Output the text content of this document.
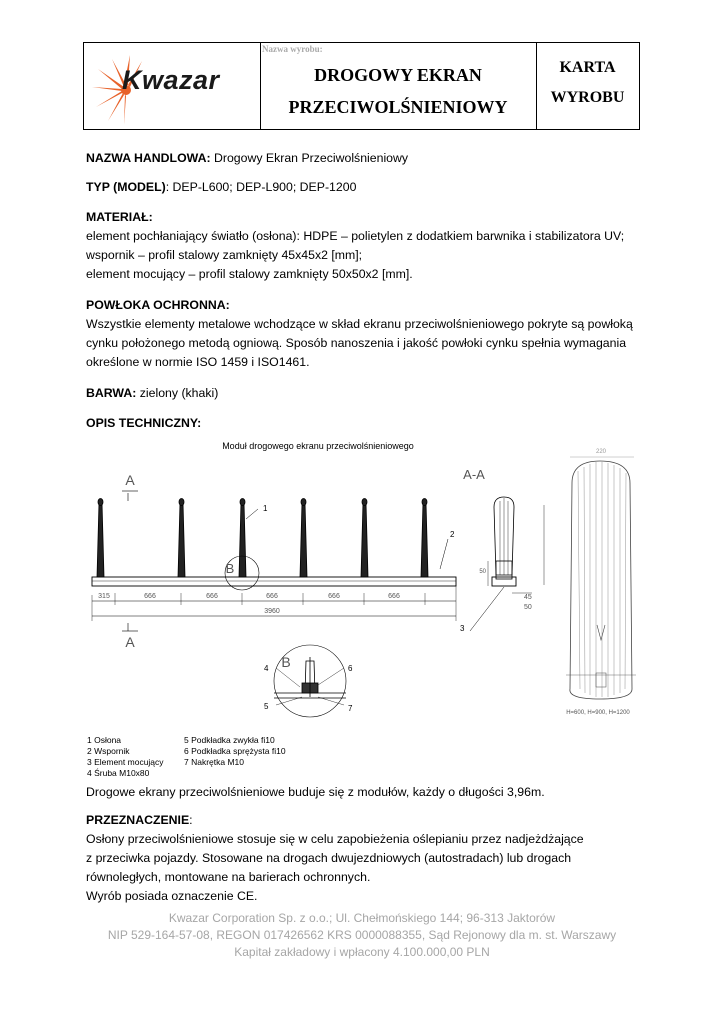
Kwazar
Nazwa wyrobu:
DROGOWY EKRAN
PRZECIWOLŚNIENIOWY
KARTA
WYROBU
NAZWA HANDLOWA: Drogowy Ekran Przeciwolśnieniowy
TYP (MODEL): DEP-L600; DEP-L900; DEP-1200
MATERIAŁ:
element pochłaniający światło (osłona): HDPE – polietylen z dodatkiem barwnika i stabilizatora UV;
wspornik – profil stalowy zamknięty 45x45x2 [mm];
element mocujący – profil stalowy zamknięty 50x50x2 [mm].
POWŁOKA OCHRONNA:
Wszystkie elementy metalowe wchodzące w skład ekranu przeciwolśnieniowego pokryte są powłoką
cynku położonego metodą ogniową. Sposób nanoszenia i jakość powłoki cynku spełnia wymagania
określone w normie ISO 1459 i ISO1461.
BARWA: zielony (khaki)
OPIS TECHNICZNY:
Moduł drogowego ekranu przeciwolśnieniowego
A
A
B
1
2
315	666	666	666	666	666
3960
A-A
50
45
50
3
220
H=600, H=900, H=1200
B
4
5
6
7
1 Osłona
2 Wspornik
3 Element mocujący
4 Śruba M10x80
5 Podkładka zwykła fi10
6 Podkładka sprężysta fi10
7 Nakrętka M10
Drogowe ekrany przeciwolśnieniowe buduje się z modułów, każdy o długości 3,96m.
PRZEZNACZENIE:
Osłony przeciwolśnieniowe stosuje się w celu zapobieżenia oślepianiu przez nadjeżdżające
z przeciwka pojazdy. Stosowane na drogach dwujezdniowych (autostradach) lub drogach
równoległych, montowane na barierach ochronnych.
Wyrób posiada oznaczenie CE.
Kwazar Corporation Sp. z o.o.; Ul. Chełmońskiego 144; 96-313 Jaktorów
NIP 529-164-57-08, REGON 017426562 KRS 0000088355, Sąd Rejonowy dla m. st. Warszawy
Kapitał zakładowy i wpłacony 4.100.000,00 PLN
